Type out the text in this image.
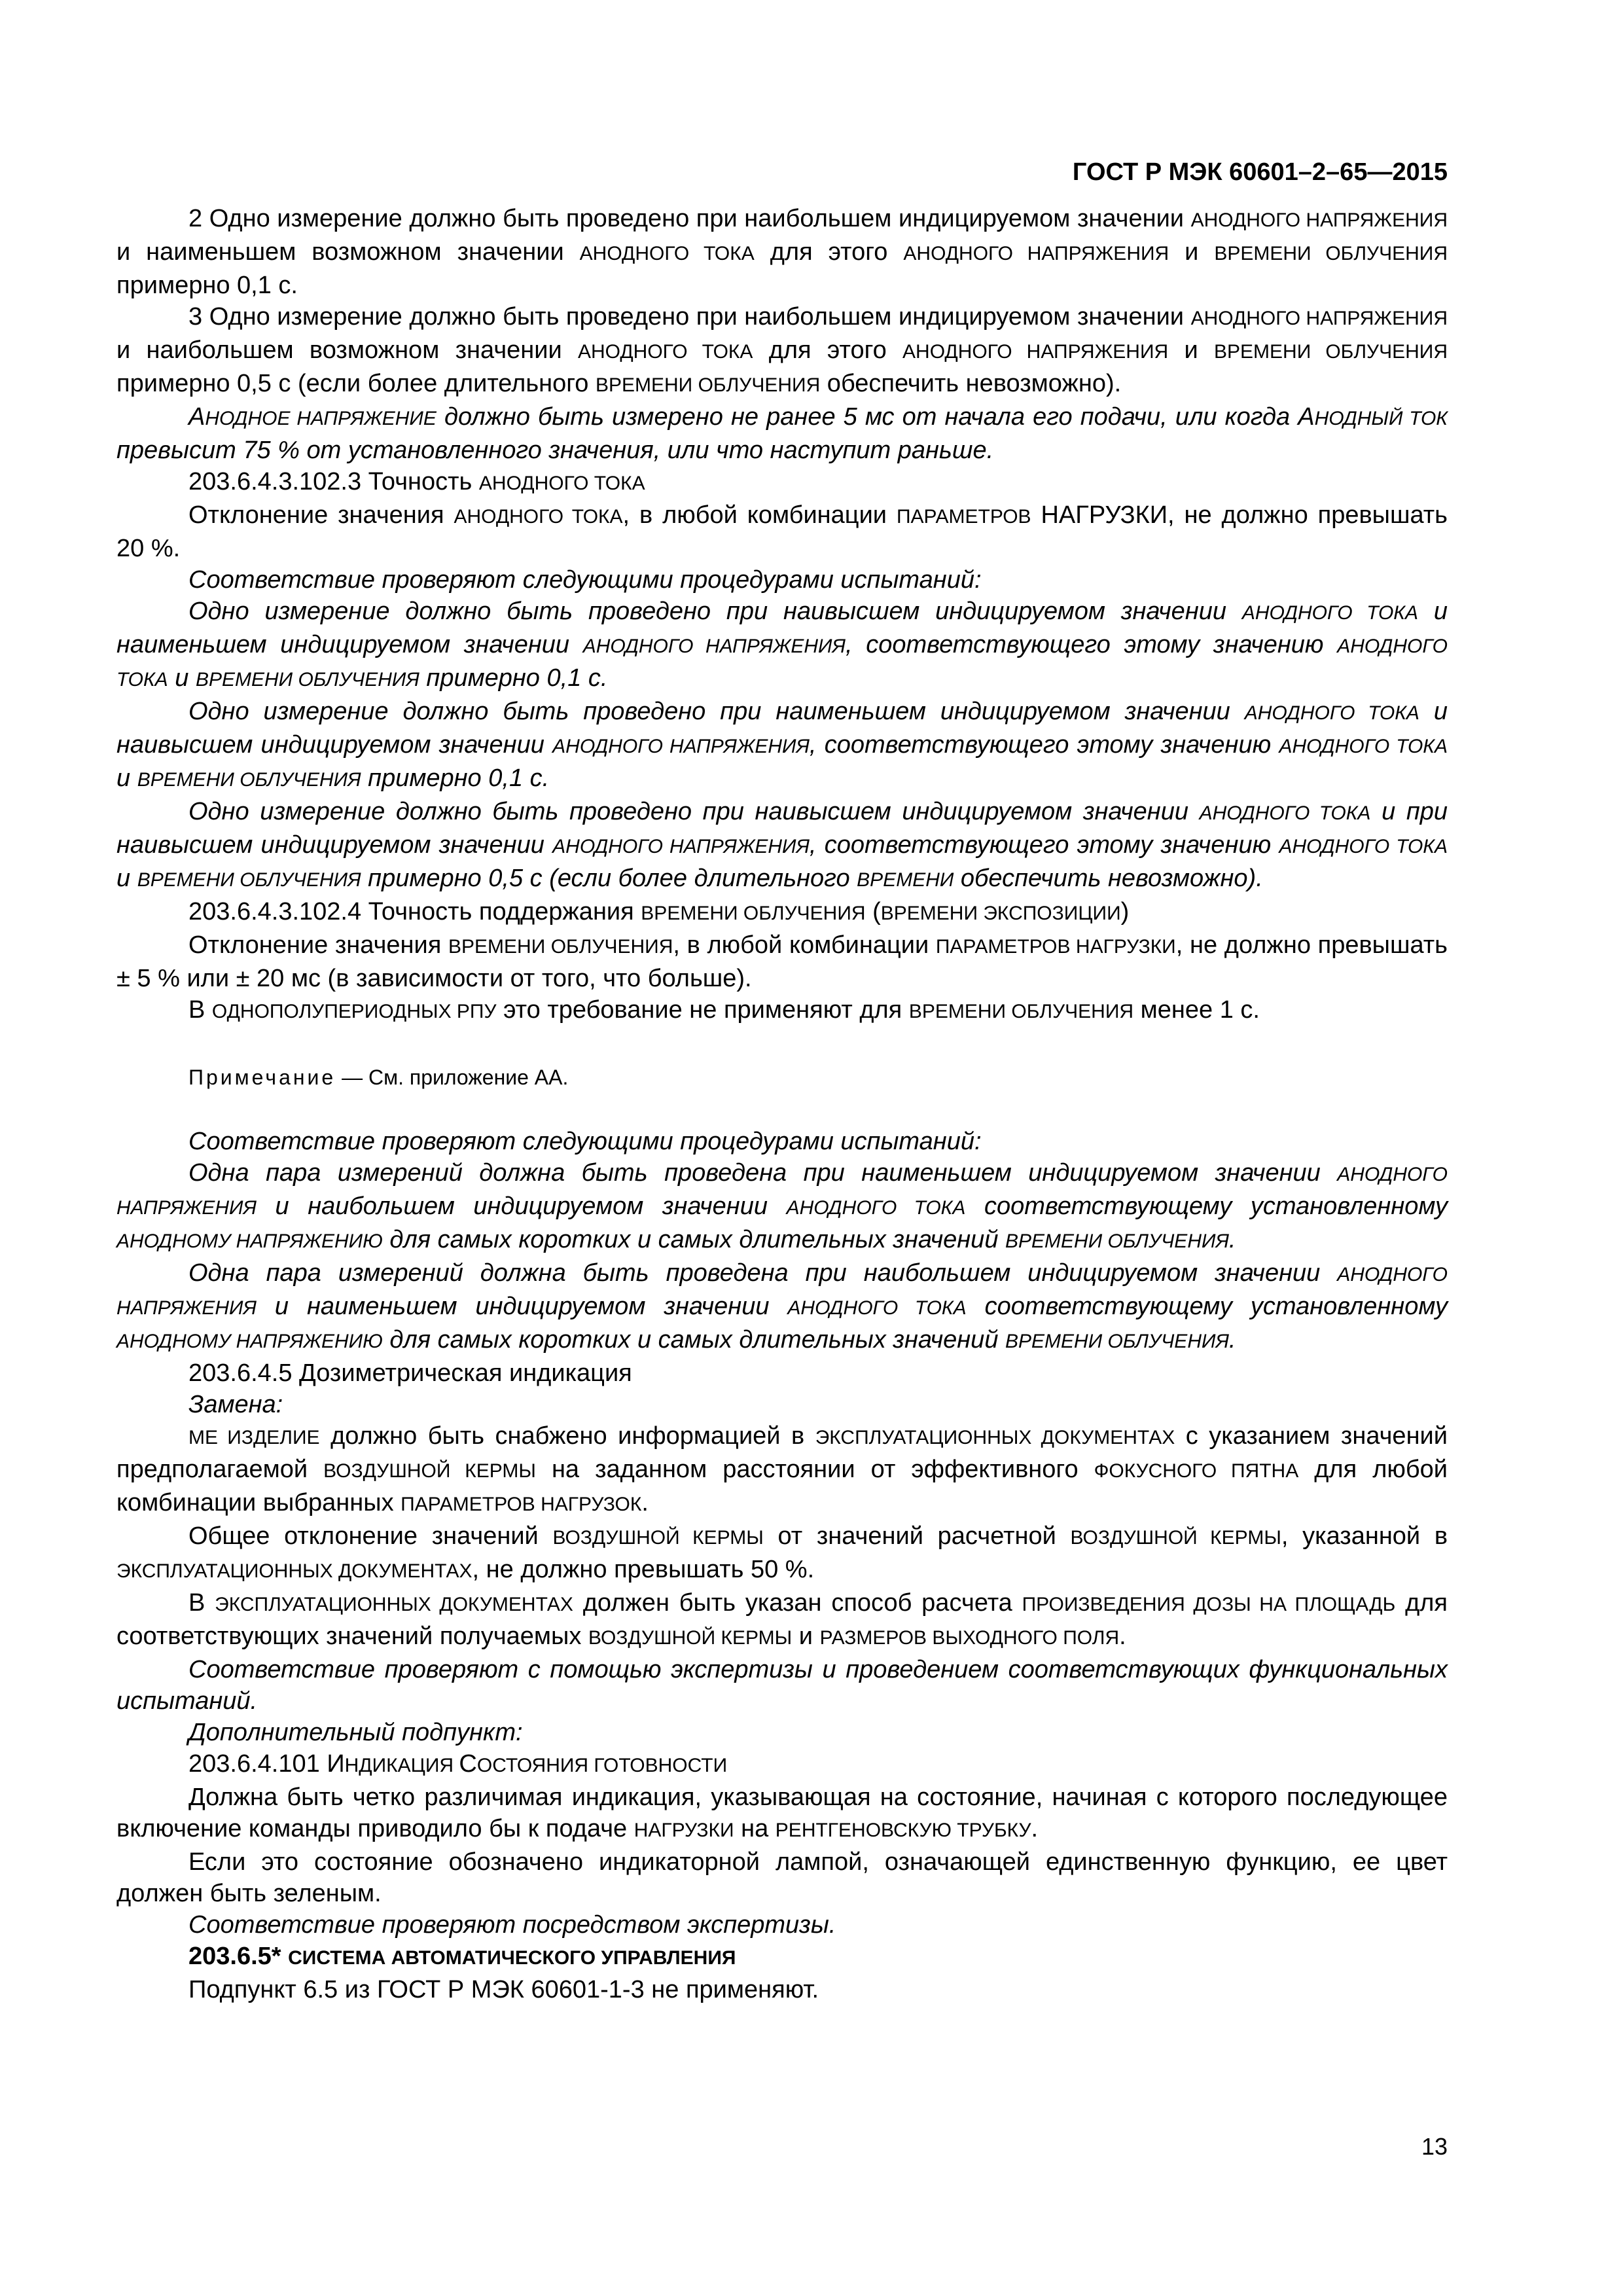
ГОСТ Р МЭК 60601–2–65—2015

2 Одно измерение должно быть проведено при наибольшем индицируемом значении АНОДНОГО НАПРЯЖЕНИЯ и наименьшем возможном значении АНОДНОГО ТОКА для этого АНОДНОГО НАПРЯЖЕНИЯ и ВРЕМЕНИ ОБЛУЧЕНИЯ примерно 0,1 с.

3 Одно измерение должно быть проведено при наибольшем индицируемом значении АНОДНОГО НАПРЯЖЕНИЯ и наибольшем возможном значении АНОДНОГО ТОКА для этого АНОДНОГО НАПРЯЖЕНИЯ и ВРЕМЕНИ ОБЛУЧЕНИЯ примерно 0,5 с (если более длительного ВРЕМЕНИ ОБЛУЧЕНИЯ обеспечить невозможно).

АНОДНОЕ НАПРЯЖЕНИЕ должно быть измерено не ранее 5 мс от начала его подачи, или когда АНОДНЫЙ ТОК превысит 75 % от установленного значения, или что наступит раньше.

203.6.4.3.102.3 Точность АНОДНОГО ТОКА

Отклонение значения АНОДНОГО ТОКА, в любой комбинации ПАРАМЕТРОВ НАГРУЗКИ, не должно превышать 20 %.

Соответствие проверяют следующими процедурами испытаний:

Одно измерение должно быть проведено при наивысшем индицируемом значении АНОДНОГО ТОКА и наименьшем индицируемом значении АНОДНОГО НАПРЯЖЕНИЯ, соответствующего этому значению АНОДНОГО ТОКА и ВРЕМЕНИ ОБЛУЧЕНИЯ примерно 0,1 с.

Одно измерение должно быть проведено при наименьшем индицируемом значении АНОДНОГО ТОКА и наивысшем индицируемом значении АНОДНОГО НАПРЯЖЕНИЯ, соответствующего этому значению АНОДНОГО ТОКА и ВРЕМЕНИ ОБЛУЧЕНИЯ примерно 0,1 с.

Одно измерение должно быть проведено при наивысшем индицируемом значении АНОДНОГО ТОКА и при наивысшем индицируемом значении АНОДНОГО НАПРЯЖЕНИЯ, соответствующего этому значению АНОДНОГО ТОКА и ВРЕМЕНИ ОБЛУЧЕНИЯ примерно 0,5 с (если более длительного ВРЕМЕНИ обеспечить невозможно).

203.6.4.3.102.4 Точность поддержания ВРЕМЕНИ ОБЛУЧЕНИЯ (ВРЕМЕНИ ЭКСПОЗИЦИИ)

Отклонение значения ВРЕМЕНИ ОБЛУЧЕНИЯ, в любой комбинации ПАРАМЕТРОВ НАГРУЗКИ, не должно превышать ± 5 % или ± 20 мс (в зависимости от того, что больше).

В ОДНОПОЛУПЕРИОДНЫХ РПУ это требование не применяют для ВРЕМЕНИ ОБЛУЧЕНИЯ менее 1 с.

Примечание — См. приложение АА.

Соответствие проверяют следующими процедурами испытаний:

Одна пара измерений должна быть проведена при наименьшем индицируемом значении АНОДНОГО НАПРЯЖЕНИЯ и наибольшем индицируемом значении АНОДНОГО ТОКА соответствующему установленному АНОДНОМУ НАПРЯЖЕНИЮ для самых коротких и самых длительных значений ВРЕМЕНИ ОБЛУЧЕНИЯ.

Одна пара измерений должна быть проведена при наибольшем индицируемом значении АНОДНОГО НАПРЯЖЕНИЯ и наименьшем индицируемом значении АНОДНОГО ТОКА соответствующему установленному АНОДНОМУ НАПРЯЖЕНИЮ для самых коротких и самых длительных значений ВРЕМЕНИ ОБЛУЧЕНИЯ.

203.6.4.5 Дозиметрическая индикация

Замена:

МЕ ИЗДЕЛИЕ должно быть снабжено информацией в ЭКСПЛУАТАЦИОННЫХ ДОКУМЕНТАХ с указанием значений предполагаемой ВОЗДУШНОЙ КЕРМЫ на заданном расстоянии от эффективного ФОКУСНОГО ПЯТНА для любой комбинации выбранных ПАРАМЕТРОВ НАГРУЗОК.

Общее отклонение значений ВОЗДУШНОЙ КЕРМЫ от значений расчетной ВОЗДУШНОЙ КЕРМЫ, указанной в ЭКСПЛУАТАЦИОННЫХ ДОКУМЕНТАХ, не должно превышать 50 %.

В ЭКСПЛУАТАЦИОННЫХ ДОКУМЕНТАХ должен быть указан способ расчета ПРОИЗВЕДЕНИЯ ДОЗЫ НА ПЛОЩАДЬ для соответствующих значений получаемых ВОЗДУШНОЙ КЕРМЫ и РАЗМЕРОВ ВЫХОДНОГО ПОЛЯ.

Соответствие проверяют с помощью экспертизы и проведением соответствующих функциональных испытаний.

Дополнительный подпункт:

203.6.4.101 ИНДИКАЦИЯ СОСТОЯНИЯ ГОТОВНОСТИ

Должна быть четко различимая индикация, указывающая на состояние, начиная с которого последующее включение команды приводило бы к подаче НАГРУЗКИ на РЕНТГЕНОВСКУЮ ТРУБКУ.

Если это состояние обозначено индикаторной лампой, означающей единственную функцию, ее цвет должен быть зеленым.

Соответствие проверяют посредством экспертизы.

203.6.5* СИСТЕМА АВТОМАТИЧЕСКОГО УПРАВЛЕНИЯ

Подпункт 6.5 из ГОСТ Р МЭК 60601-1-3 не применяют.

13
